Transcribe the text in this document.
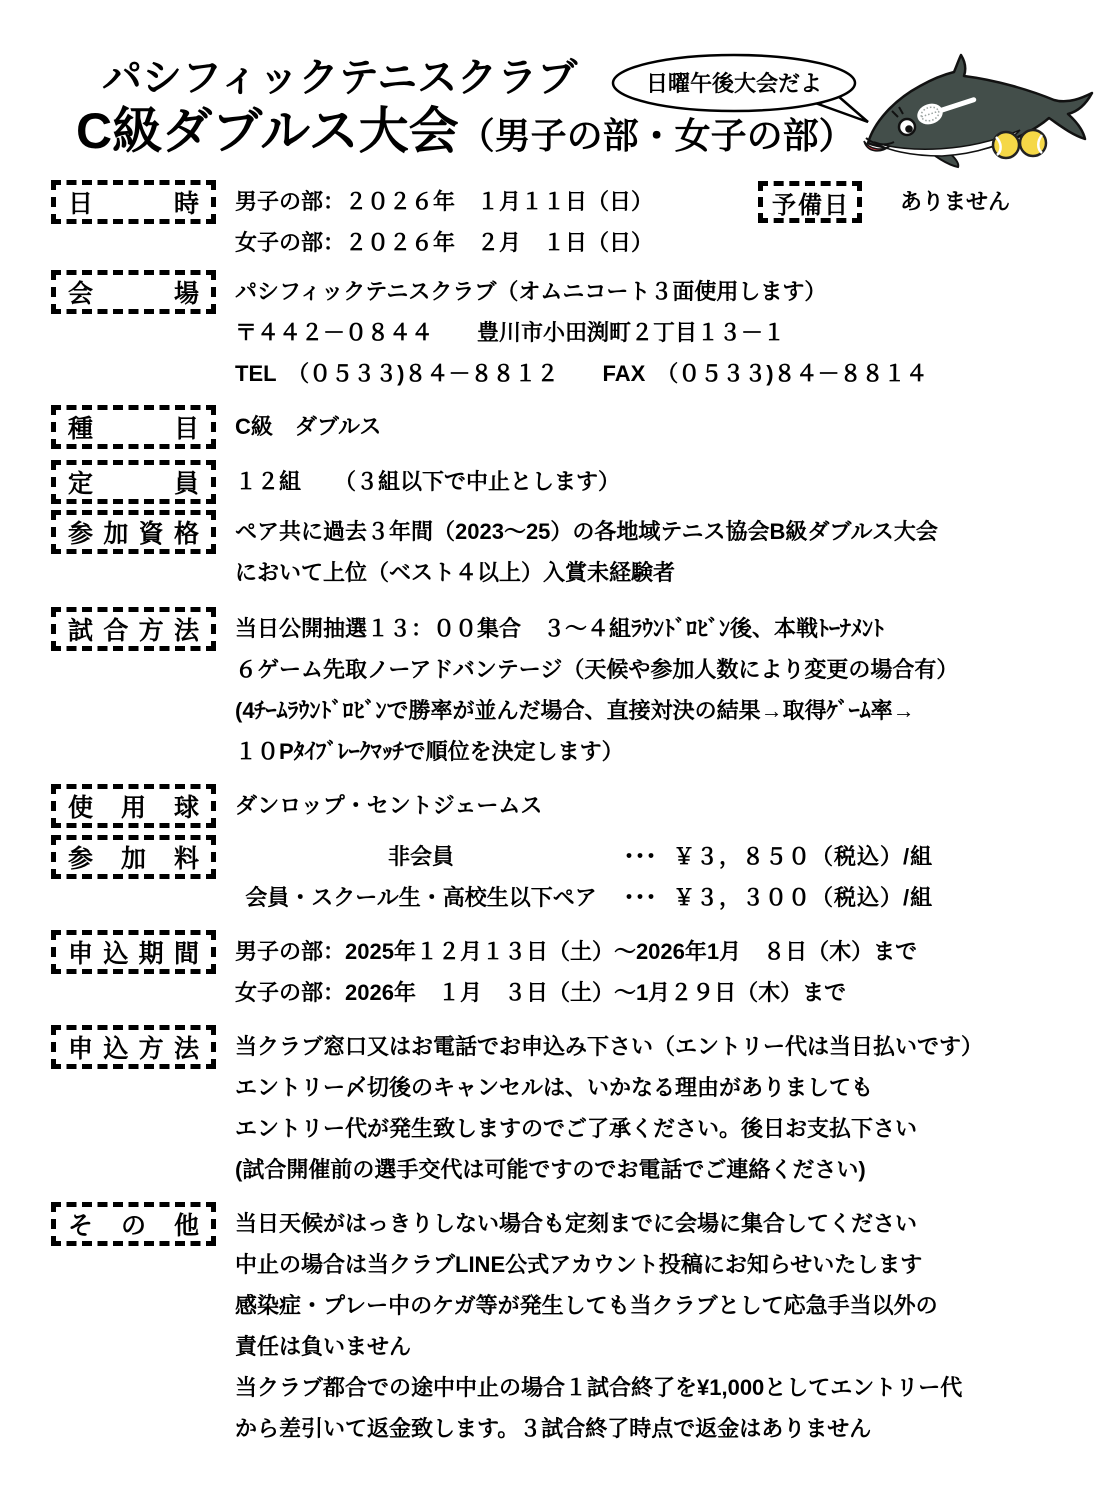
パシフィックテニスクラブ
C級ダブルス大会（男子の部・女子の部）
日曜午後大会だよ
日	時 男子の部：２０２６年　１月１１日（日）
女子の部：２０２６年　２月　１日（日）
予 備 日 ありません
会	場 パシフィックテニスクラブ（オムニコート３面使用します）
〒４４２－０８４４　　豊川市小田渕町２丁目１３－１
TEL　（０５３３)８４－８８１２　　FAX　（０５３３)８４－８８１４
種	目 C級　ダブルス
定	員 １２組　　（３組以下で中止とします）
参 加 資 格 ペア共に過去３年間（2023～25）の各地域テニス協会B級ダブルス大会
において上位（ベスト４以上）入賞未経験者
試 合 方 法 当日公開抽選１３：００集合　３～４組ﾗｳﾝﾄﾞﾛﾋﾞﾝ後、本戦ﾄｰﾅﾒﾝﾄ
６ゲーム先取ノーアドバンテージ（天候や参加人数により変更の場合有）
(4ﾁｰﾑﾗｳﾝﾄﾞﾛﾋﾞﾝで勝率が並んだ場合、直接対決の結果→取得ｹﾞｰﾑ率→
１０Pﾀｲﾌﾞﾚｰｸﾏｯﾁで順位を決定します）
使 用 球 ダンロップ・セントジェームス
参 加 料	非会員	･･･ ￥３，８５０（税込）/組
会員・スクール生・高校生以下ペア	･･･ ￥３，３００（税込）/組
申 込 期 間 男子の部：2025年１２月１３日（土）～2026年1月　８日（木）まで
女子の部：2026年　１月　３日（土）～1月２９日（木）まで
申 込 方 法 当クラブ窓口又はお電話でお申込み下さい（エントリー代は当日払いです）
エントリー〆切後のキャンセルは、いかなる理由がありましても
エントリー代が発生致しますのでご了承ください。後日お支払下さい
(試合開催前の選手交代は可能ですのでお電話でご連絡ください)
そ の 他 当日天候がはっきりしない場合も定刻までに会場に集合してください
中止の場合は当クラブLINE公式アカウント投稿にお知らせいたします
感染症・プレー中のケガ等が発生しても当クラブとして応急手当以外の
責任は負いません
当クラブ都合での途中中止の場合１試合終了を¥1,000としてエントリー代
から差引いて返金致します。３試合終了時点で返金はありません
